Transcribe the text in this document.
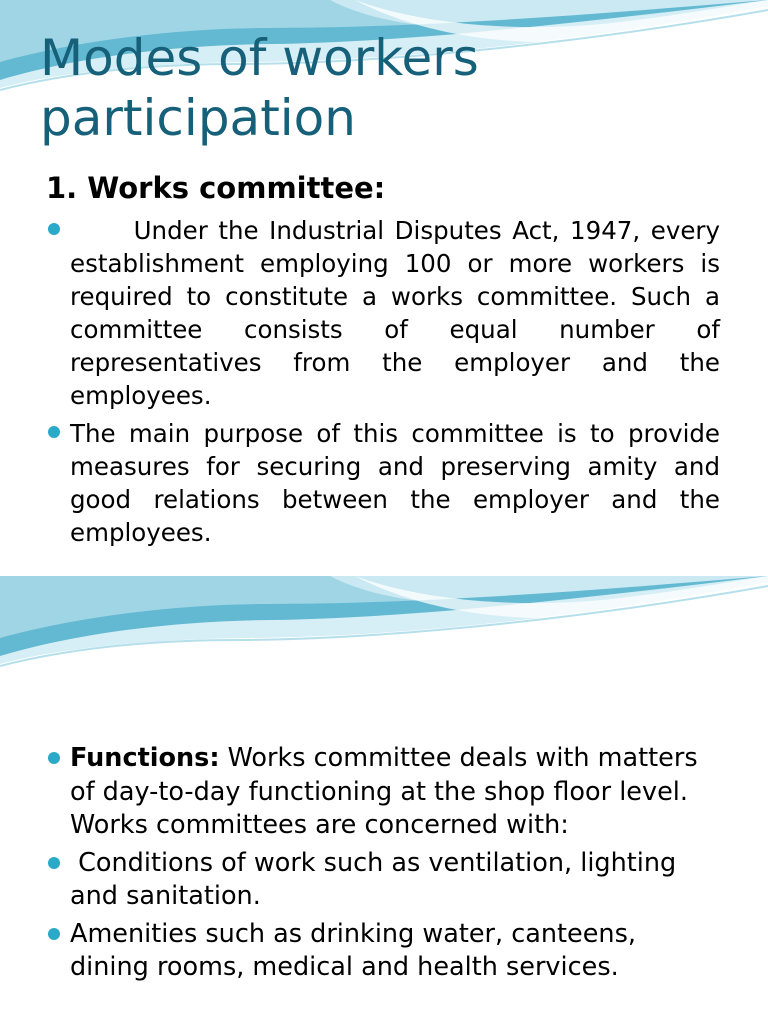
Modes of workers participation
1. Works committee:
Under the Industrial Disputes Act, 1947, every establishment employing 100 or more workers is required to constitute a works committee. Such a committee consists of equal number of representatives from the employer and the employees.
The main purpose of this committee is to provide measures for securing and preserving amity and good relations between the employer and the employees.
Functions: Works committee deals with matters of day-to-day functioning at the shop floor level. Works committees are concerned with:
Conditions of work such as ventilation, lighting and sanitation.
Amenities such as drinking water, canteens, dining rooms, medical and health services.
